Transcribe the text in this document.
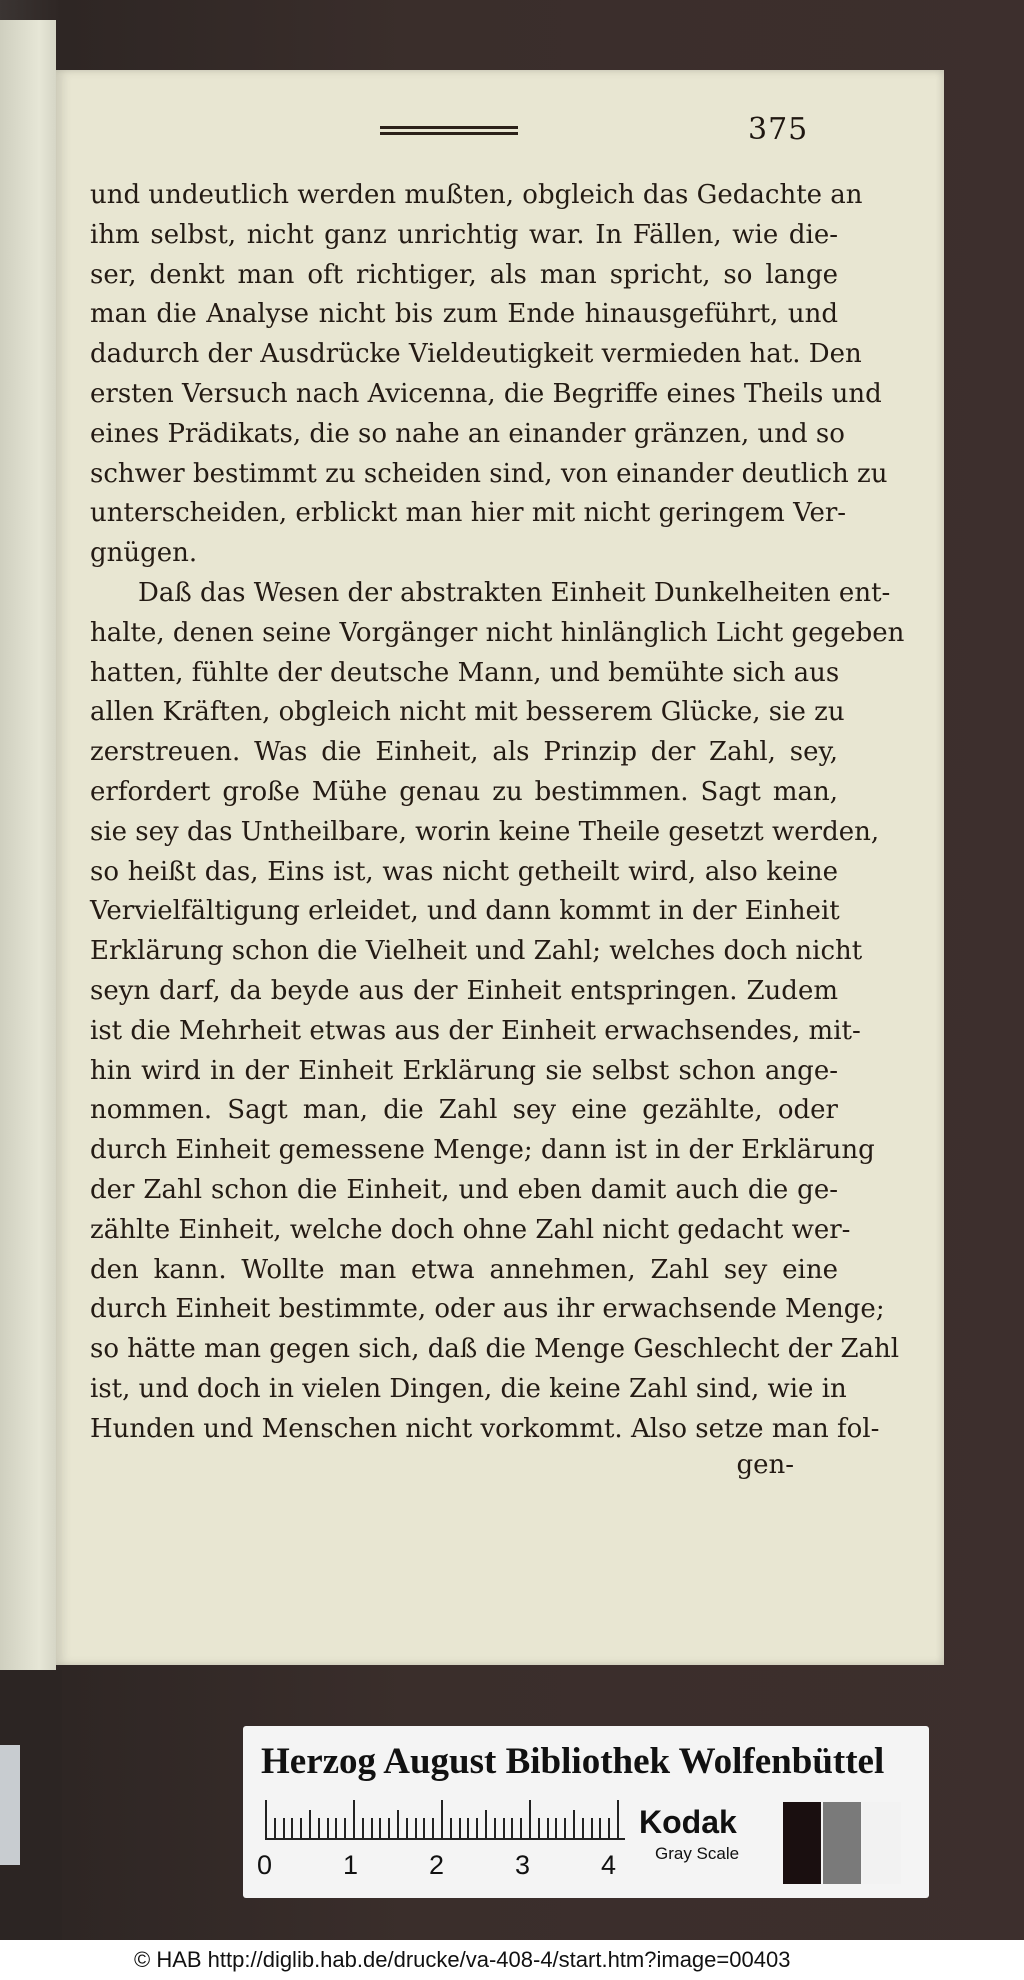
375
und undeutlich werden mußten, obgleich das Gedachte an
ihm selbst, nicht ganz unrichtig war. In Fällen, wie die-
ser, denkt man oft richtiger, als man spricht, so lange
man die Analyse nicht bis zum Ende hinausgeführt, und
dadurch der Ausdrücke Vieldeutigkeit vermieden hat. Den
ersten Versuch nach Avicenna, die Begriffe eines Theils und
eines Prädikats, die so nahe an einander gränzen, und so
schwer bestimmt zu scheiden sind, von einander deutlich zu
unterscheiden, erblickt man hier mit nicht geringem Ver-
gnügen.
Daß das Wesen der abstrakten Einheit Dunkelheiten ent-
halte, denen seine Vorgänger nicht hinlänglich Licht gegeben
hatten, fühlte der deutsche Mann, und bemühte sich aus
allen Kräften, obgleich nicht mit besserem Glücke, sie zu
zerstreuen. Was die Einheit, als Prinzip der Zahl, sey,
erfordert große Mühe genau zu bestimmen. Sagt man,
sie sey das Untheilbare, worin keine Theile gesetzt werden,
so heißt das, Eins ist, was nicht getheilt wird, also keine
Vervielfältigung erleidet, und dann kommt in der Einheit
Erklärung schon die Vielheit und Zahl; welches doch nicht
seyn darf, da beyde aus der Einheit entspringen. Zudem
ist die Mehrheit etwas aus der Einheit erwachsendes, mit-
hin wird in der Einheit Erklärung sie selbst schon ange-
nommen. Sagt man, die Zahl sey eine gezählte, oder
durch Einheit gemessene Menge; dann ist in der Erklärung
der Zahl schon die Einheit, und eben damit auch die ge-
zählte Einheit, welche doch ohne Zahl nicht gedacht wer-
den kann. Wollte man etwa annehmen, Zahl sey eine
durch Einheit bestimmte, oder aus ihr erwachsende Menge;
so hätte man gegen sich, daß die Menge Geschlecht der Zahl
ist, und doch in vielen Dingen, die keine Zahl sind, wie in
Hunden und Menschen nicht vorkommt. Also setze man fol-
gen-
Herzog August Bibliothek Wolfenbüttel
0	1	2	3	4
Kodak
Gray Scale
© HAB http://diglib.hab.de/drucke/va-408-4/start.htm?image=00403
